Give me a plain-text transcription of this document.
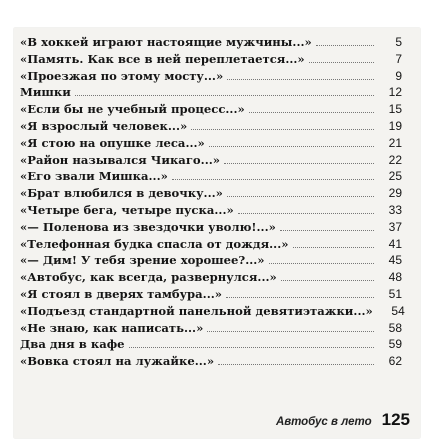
«В хоккей играют настоящие мужчины...»	5
«Память. Как все в ней переплетается...»	7
«Проезжая по этому мосту...»	9
Мишки	12
«Если бы не учебный процесс...»	15
«Я взрослый человек...»	19
«Я стою на опушке леса...»	21
«Район назывался Чикаго...»	22
«Его звали Мишка...»	25
«Брат влюбился в девочку...»	29
«Четыре бега, четыре пуска...»	33
«— Поленова из звездочки уволю!...»	37
«Телефонная будка спасла от дождя...»	41
«— Дим! У тебя зрение хорошее?...»	45
«Автобус, как всегда, развернулся...»	48
«Я стоял в дверях тамбура...»	51
«Подъезд стандартной панельной девятиэтажки...»	54
«Не знаю, как написать...»	58
Два дня в кафе	59
«Вовка стоял на лужайке...»	62
Автобус в лето 125
